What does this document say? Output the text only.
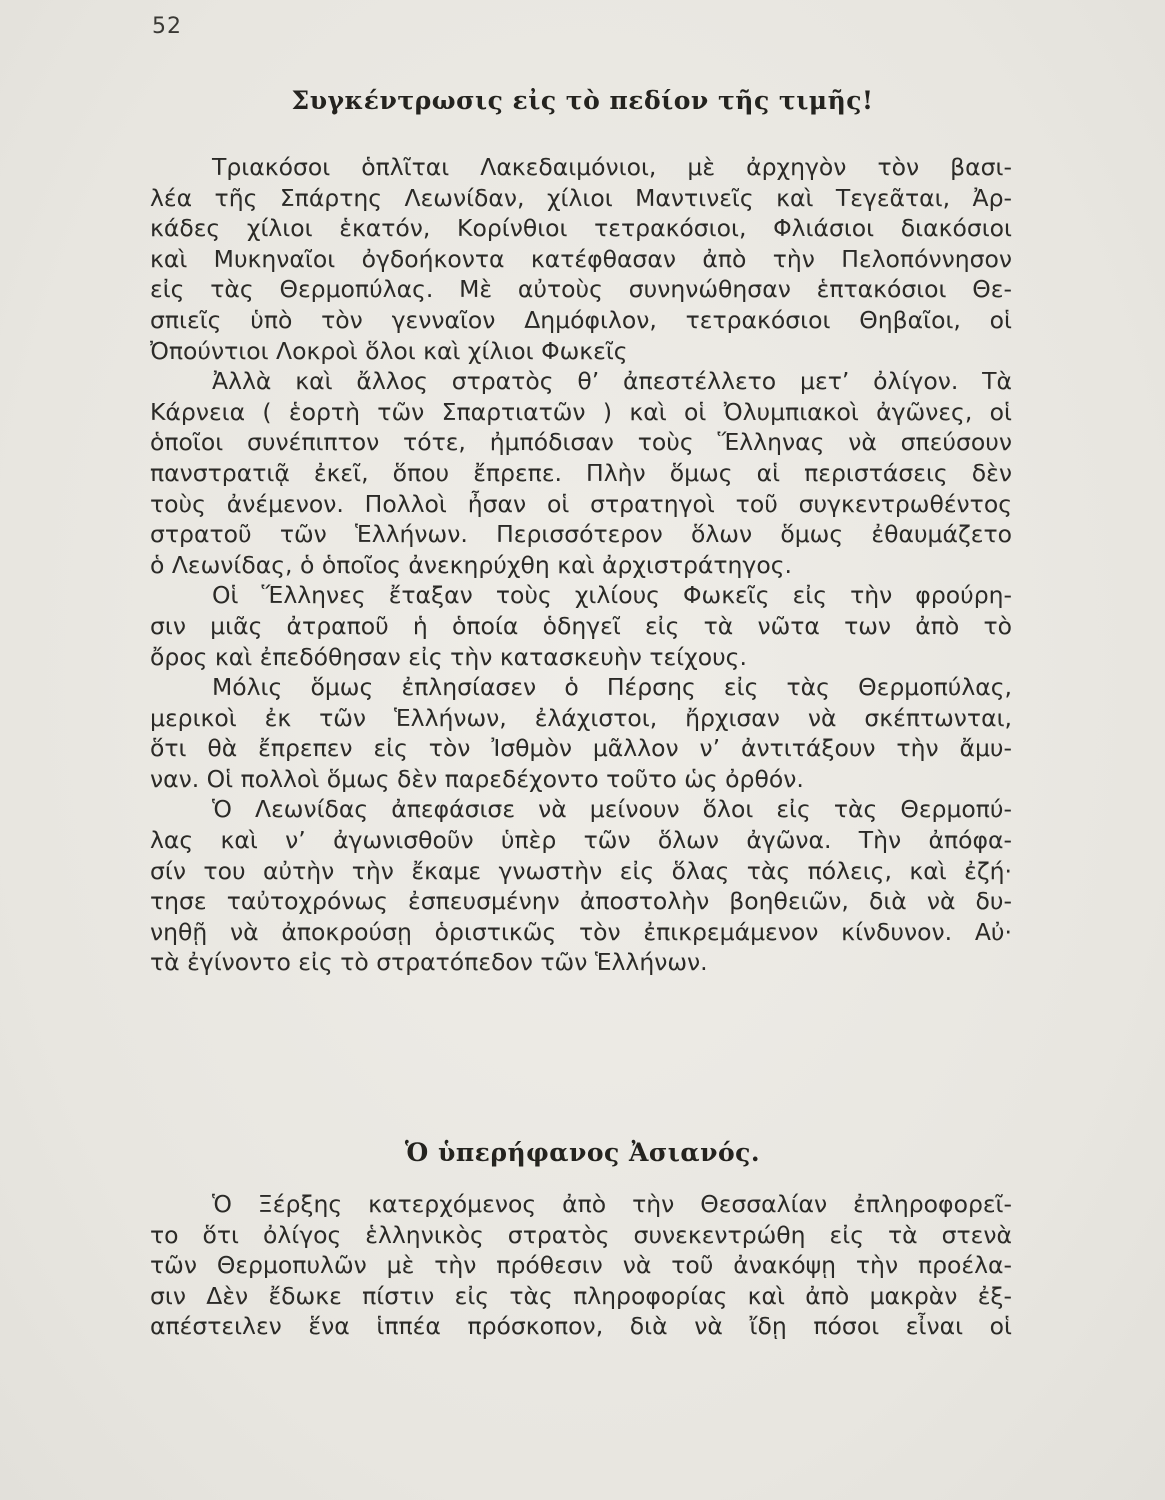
52
Συγκέντρωσις εἰς τὸ πεδίον τῆς τιμῆς!
Τριακόσοι ὁπλῖται Λακεδαιμόνιοι, μὲ ἀρχηγὸν τὸν βασι-
λέα τῆς Σπάρτης Λεωνίδαν, χίλιοι Μαντινεῖς καὶ Τεγεᾶται, Ἀρ-
κάδες χίλιοι ἑκατόν, Κορίνθιοι τετρακόσιοι, Φλιάσιοι διακόσιοι
καὶ Μυκηναῖοι ὀγδοήκοντα κατέφθασαν ἀπὸ τὴν Πελοπόννησον
εἰς τὰς Θερμοπύλας. Μὲ αὐτοὺς συνηνώθησαν ἑπτακόσιοι Θε-
σπιεῖς ὑπὸ τὸν γενναῖον Δημόφιλον, τετρακόσιοι Θηβαῖοι, οἱ
Ὀπούντιοι Λοκροὶ ὅλοι καὶ χίλιοι Φωκεῖς
Ἀλλὰ καὶ ἄλλος στρατὸς θ’ ἀπεστέλλετο μετ’ ὀλίγον. Τὰ
Κάρνεια ( ἑορτὴ τῶν Σπαρτιατῶν ) καὶ οἱ Ὀλυμπιακοὶ ἀγῶνες, οἱ
ὁποῖοι συνέπιπτον τότε, ἠμπόδισαν τοὺς Ἕλληνας νὰ σπεύσουν
πανστρατιᾷ ἐκεῖ, ὅπου ἔπρεπε. Πλὴν ὅμως αἱ περιστάσεις δὲν
τοὺς ἀνέμενον. Πολλοὶ ἦσαν οἱ στρατηγοὶ τοῦ συγκεντρωθέντος
στρατοῦ τῶν Ἑλλήνων. Περισσότερον ὅλων ὅμως ἐθαυμάζετο
ὁ Λεωνίδας, ὁ ὁποῖος ἀνεκηρύχθη καὶ ἀρχιστράτηγος.
Οἱ Ἕλληνες ἔταξαν τοὺς χιλίους Φωκεῖς εἰς τὴν φρούρη-
σιν μιᾶς ἀτραποῦ ἡ ὁποία ὁδηγεῖ εἰς τὰ νῶτα των ἀπὸ τὸ
ὄρος καὶ ἐπεδόθησαν εἰς τὴν κατασκευὴν τείχους.
Μόλις ὅμως ἐπλησίασεν ὁ Πέρσης εἰς τὰς Θερμοπύλας,
μερικοὶ ἐκ τῶν Ἑλλήνων, ἐλάχιστοι, ἤρχισαν νὰ σκέπτωνται,
ὅτι θὰ ἔπρεπεν εἰς τὸν Ἰσθμὸν μᾶλλον ν’ ἀντιτάξουν τὴν ἄμυ-
ναν. Οἱ πολλοὶ ὅμως δὲν παρεδέχοντο τοῦτο ὡς ὀρθόν.
Ὁ Λεωνίδας ἀπεφάσισε νὰ μείνουν ὅλοι εἰς τὰς Θερμοπύ-
λας καὶ ν’ ἀγωνισθοῦν ὑπὲρ τῶν ὅλων ἀγῶνα. Τὴν ἀπόφα-
σίν του αὐτὴν τὴν ἔκαμε γνωστὴν εἰς ὅλας τὰς πόλεις, καὶ ἐζή·
τησε ταὐτοχρόνως ἐσπευσμένην ἀποστολὴν βοηθειῶν, διὰ νὰ δυ-
νηθῇ νὰ ἀποκρούσῃ ὁριστικῶς τὸν ἐπικρεμάμενον κίνδυνον. Αὐ·
τὰ ἐγίνοντο εἰς τὸ στρατόπεδον τῶν Ἑλλήνων.
Ὁ ὑπερήφανος Ἀσιανός.
Ὁ Ξέρξης κατερχόμενος ἀπὸ τὴν Θεσσαλίαν ἐπληροφορεῖ-
το ὅτι ὀλίγος ἑλληνικὸς στρατὸς συνεκεντρώθη εἰς τὰ στενὰ
τῶν Θερμοπυλῶν μὲ τὴν πρόθεσιν νὰ τοῦ ἀνακόψῃ τὴν προέλα-
σιν Δὲν ἔδωκε πίστιν εἰς τὰς πληροφορίας καὶ ἀπὸ μακρὰν ἐξ-
απέστειλεν ἕνα ἱππέα πρόσκοπον, διὰ νὰ ἴδῃ πόσοι εἶναι οἱ
